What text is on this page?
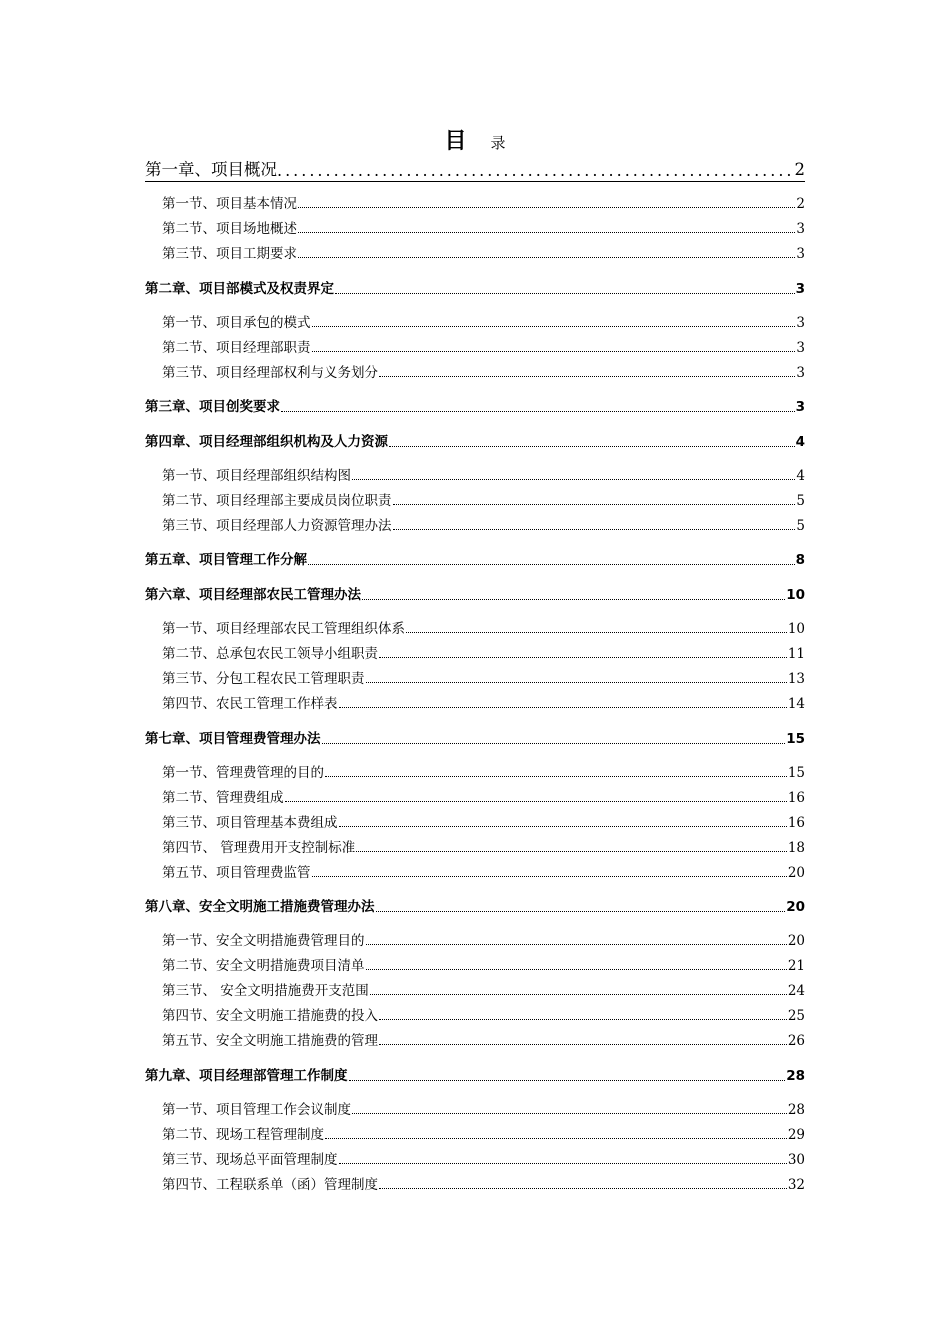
目 录
第一章、项目概况 .....	2
第一节、项目基本情况	2
第二节、项目场地概述	3
第三节、项目工期要求	3
第二章、项目部模式及权责界定	3
第一节、项目承包的模式	3
第二节、项目经理部职责	3
第三节、项目经理部权利与义务划分	3
第三章、项目创奖要求	3
第四章、项目经理部组织机构及人力资源	4
第一节、项目经理部组织结构图	4
第二节、项目经理部主要成员岗位职责	5
第三节、项目经理部人力资源管理办法	5
第五章、项目管理工作分解	8
第六章、项目经理部农民工管理办法	10
第一节、项目经理部农民工管理组织体系	10
第二节、总承包农民工领导小组职责	11
第三节、分包工程农民工管理职责	13
第四节、农民工管理工作样表	14
第七章、项目管理费管理办法	15
第一节、管理费管理的目的	15
第二节、管理费组成	16
第三节、项目管理基本费组成	16
第四节、 管理费用开支控制标准	18
第五节、项目管理费监管	20
第八章、安全文明施工措施费管理办法	20
第一节、安全文明措施费管理目的	20
第二节、安全文明措施费项目清单	21
第三节、 安全文明措施费开支范围	24
第四节、安全文明施工措施费的投入	25
第五节、安全文明施工措施费的管理	26
第九章、项目经理部管理工作制度	28
第一节、项目管理工作会议制度	28
第二节、现场工程管理制度	29
第三节、现场总平面管理制度	30
第四节、工程联系单（函）管理制度	32
